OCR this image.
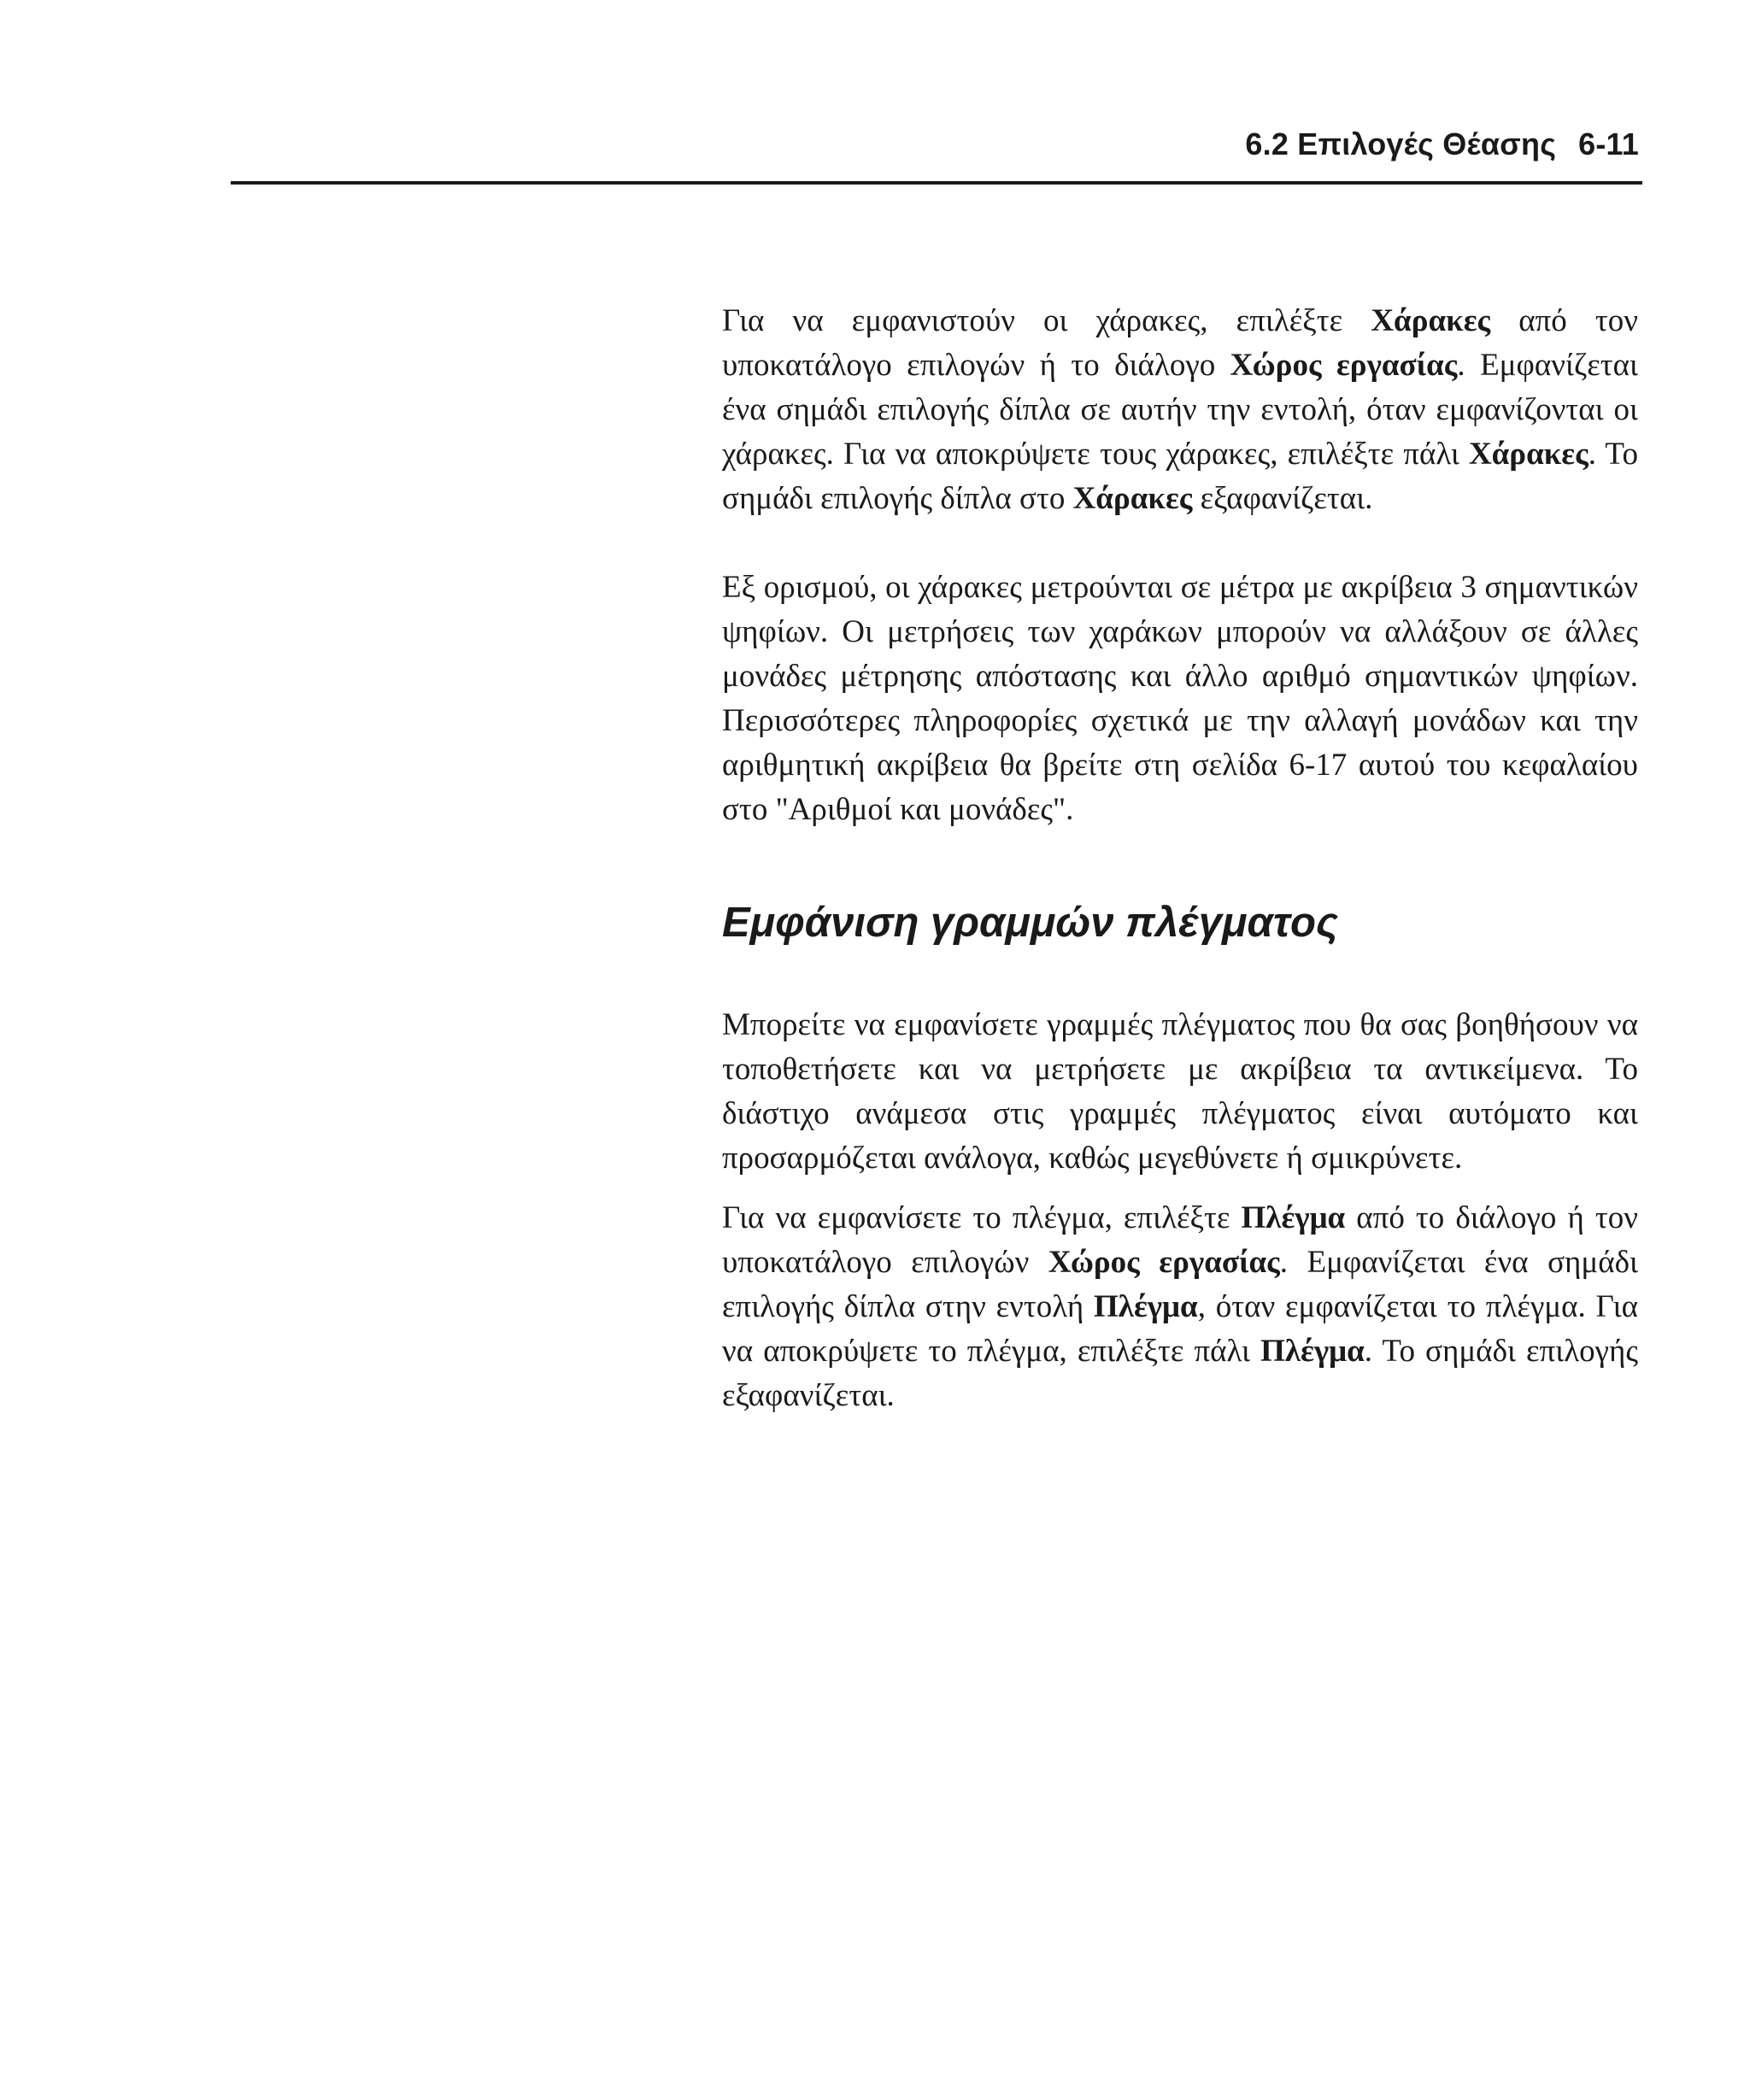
6.2 Επιλογές Θέασης 6-11

Για να εμφανιστούν οι χάρακες, επιλέξτε Χάρακες από τον υποκατάλογο επιλογών ή το διάλογο Χώρος εργασίας. Εμφανίζεται ένα σημάδι επιλογής δίπλα σε αυτήν την εντολή, όταν εμφανίζονται οι χάρακες. Για να αποκρύψετε τους χάρακες, επιλέξτε πάλι Χάρακες. Το σημάδι επιλογής δίπλα στο Χάρακες εξαφανίζεται.

Εξ ορισμού, οι χάρακες μετρούνται σε μέτρα με ακρίβεια 3 σημαντικών ψηφίων. Οι μετρήσεις των χαράκων μπορούν να αλλάξουν σε άλλες μονάδες μέτρησης απόστασης και άλλο αριθμό σημαντικών ψηφίων. Περισσότερες πληροφορίες σχετικά με την αλλαγή μονάδων και την αριθμητική ακρίβεια θα βρείτε στη σελίδα 6-17 αυτού του κεφαλαίου στο "Αριθμοί και μονάδες".

Εμφάνιση γραμμών πλέγματος

Μπορείτε να εμφανίσετε γραμμές πλέγματος που θα σας βοηθήσουν να τοποθετήσετε και να μετρήσετε με ακρίβεια τα αντικείμενα. Το διάστιχο ανάμεσα στις γραμμές πλέγματος είναι αυτόματο και προσαρμόζεται ανάλογα, καθώς μεγεθύνετε ή σμικρύνετε.

Για να εμφανίσετε το πλέγμα, επιλέξτε Πλέγμα από το διάλογο ή τον υποκατάλογο επιλογών Χώρος εργασίας. Εμφανίζεται ένα σημάδι επιλογής δίπλα στην εντολή Πλέγμα, όταν εμφανίζεται το πλέγμα. Για να αποκρύψετε το πλέγμα, επιλέξτε πάλι Πλέγμα. Το σημάδι επιλογής εξαφανίζεται.
